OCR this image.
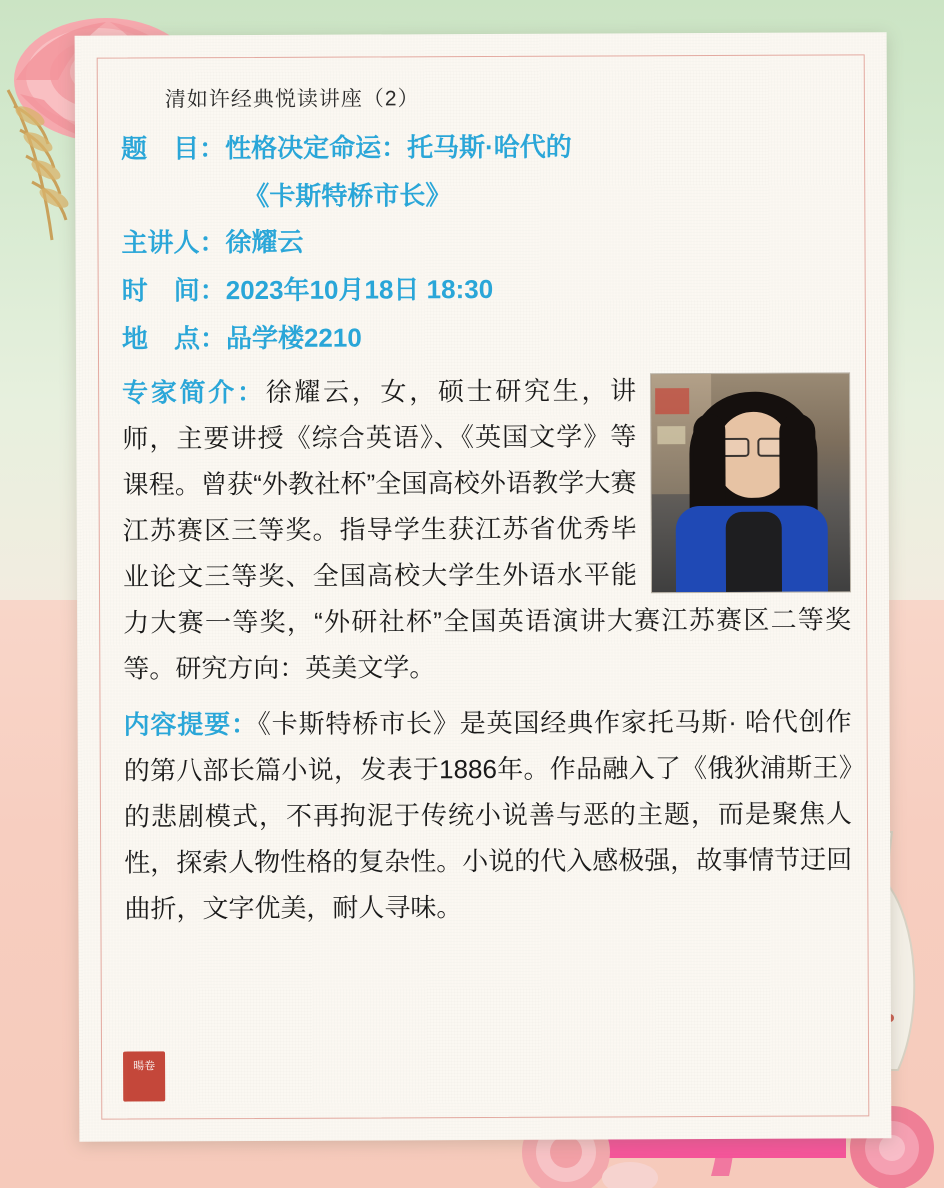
清如许经典悦读讲座（2）
题　目： 性格决定命运：托马斯·哈代的
《卡斯特桥市长》
主讲人： 徐耀云
时　间： 2023年10月18日 18:30
地　点： 品学楼2210
专家简介：徐耀云，女，硕士研究生，讲师，主要讲授《综合英语》、《英国文学》等课程。曾获“外教社杯”全国高校外语教学大赛江苏赛区三等奖。指导学生获江苏省优秀毕业论文三等奖、全国高校大学生外语水平能力大赛一等奖，“外研社杯”全国英语演讲大赛江苏赛区二等奖等。研究方向：英美文学。
内容提要：《卡斯特桥市长》是英国经典作家托马斯· 哈代创作的第八部长篇小说，发表于1886年。作品融入了《俄狄浦斯王》的悲剧模式，不再拘泥于传统小说善与恶的主题，而是聚焦人性，探索人物性格的复杂性。小说的代入感极强，故事情节迂回曲折，文字优美，耐人寻味。
暘卷
